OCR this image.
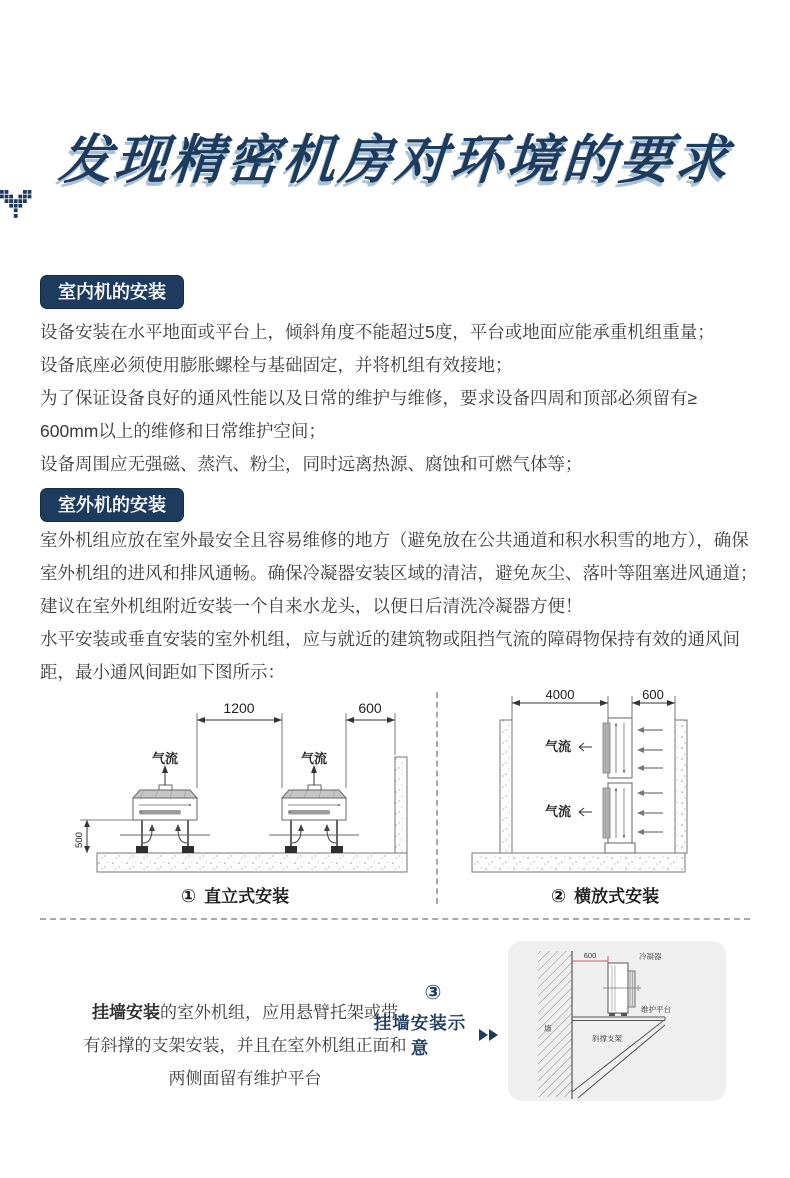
发现精密机房对环境的要求
室内机的安装
设备安装在水平地面或平台上，倾斜角度不能超过5度，平台或地面应能承重机组重量；
设备底座必须使用膨胀螺栓与基础固定，并将机组有效接地；
为了保证设备良好的通风性能以及日常的维护与维修，要求设备四周和顶部必须留有≥
600mm以上的维修和日常维护空间；
设备周围应无强磁、蒸汽、粉尘，同时远离热源、腐蚀和可燃气体等；
室外机的安装
室外机组应放在室外最安全且容易维修的地方（避免放在公共通道和积水积雪的地方），确保
室外机组的进风和排风通畅。确保冷凝器安装区域的清洁，避免灰尘、落叶等阻塞进风通道；
建议在室外机组附近安装一个自来水龙头，以便日后清洗冷凝器方便！
水平安装或垂直安装的室外机组，应与就近的建筑物或阻挡气流的障碍物保持有效的通风间
距，最小通风间距如下图所示：
气流	气流
1200	600
500
气流
气流
4000	600
① 直立式安装	② 横放式安装
挂墙安装的室外机组，应用悬臂托架或带
有斜撑的支架安装，并且在室外机组正面和
两侧面留有维护平台
③
挂墙安装示意
墙
600	冷凝器
维护平台
斜撑支架
